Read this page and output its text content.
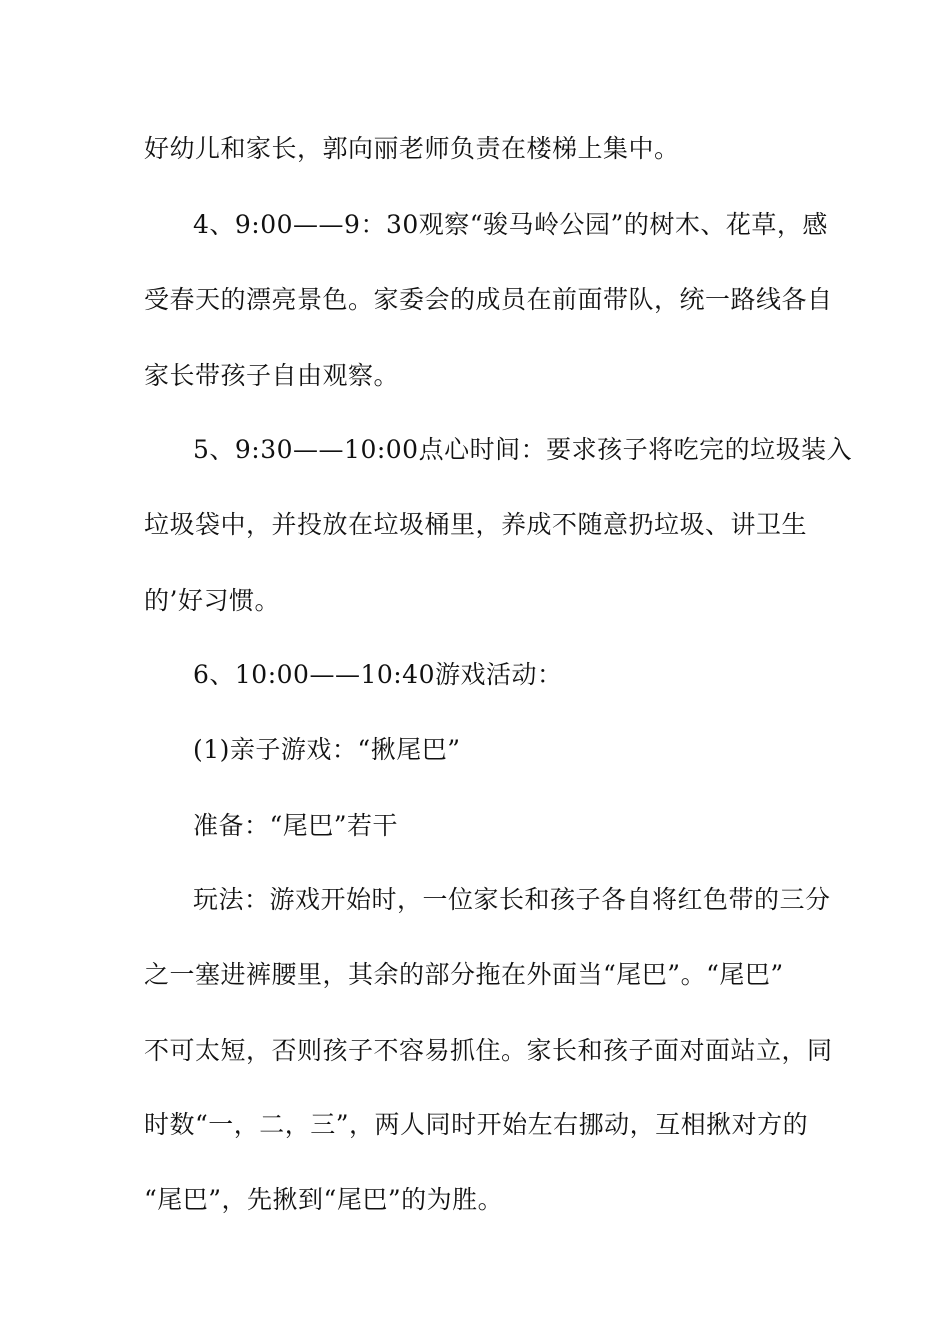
好幼儿和家长，郭向丽老师负责在楼梯上集中。
4、9:00——9：30观察“骏马岭公园”的树木、花草，感
受春天的漂亮景色。家委会的成员在前面带队，统一路线各自
家长带孩子自由观察。
5、9:30——10:00点心时间：要求孩子将吃完的垃圾装入
垃圾袋中，并投放在垃圾桶里，养成不随意扔垃圾、讲卫生
的’好习惯。
6、10:00——10:40游戏活动：
(1)亲子游戏：“揪尾巴”
准备：“尾巴”若干
玩法：游戏开始时，一位家长和孩子各自将红色带的三分
之一塞进裤腰里，其余的部分拖在外面当“尾巴”。“尾巴”
不可太短，否则孩子不容易抓住。家长和孩子面对面站立，同
时数“一，二，三”，两人同时开始左右挪动，互相揪对方的
“尾巴”，先揪到“尾巴”的为胜。
